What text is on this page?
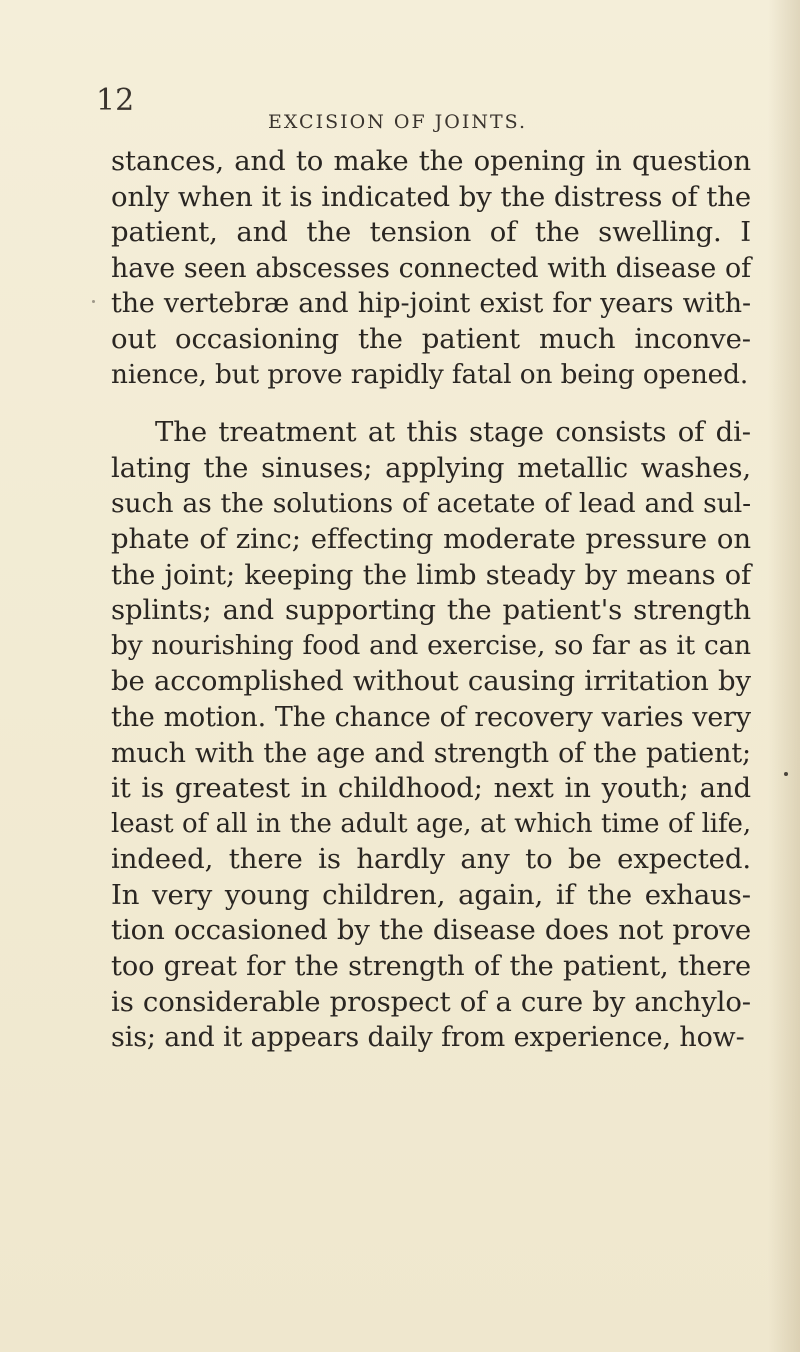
12
EXCISION OF JOINTS.
stances, and to make the opening in question
only when it is indicated by the distress of the
patient, and the tension of the swelling. I
have seen abscesses connected with disease of
the vertebræ and hip-joint exist for years with-
out occasioning the patient much inconve-
nience, but prove rapidly fatal on being opened.
The treatment at this stage consists of di-
lating the sinuses; applying metallic washes,
such as the solutions of acetate of lead and sul-
phate of zinc; effecting moderate pressure on
the joint; keeping the limb steady by means of
splints; and supporting the patient's strength
by nourishing food and exercise, so far as it can
be accomplished without causing irritation by
the motion. The chance of recovery varies very
much with the age and strength of the patient;
it is greatest in childhood; next in youth; and
least of all in the adult age, at which time of life,
indeed, there is hardly any to be expected.
In very young children, again, if the exhaus-
tion occasioned by the disease does not prove
too great for the strength of the patient, there
is considerable prospect of a cure by anchylo-
sis; and it appears daily from experience, how-
